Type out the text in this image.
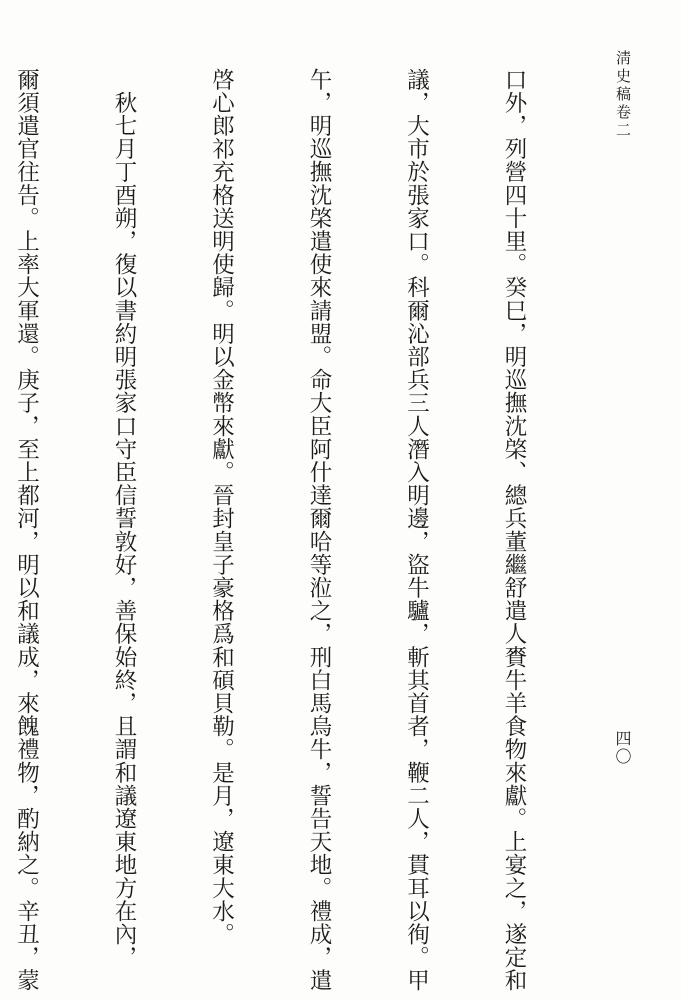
淸史稿卷二

口外，列營四十里。癸巳，明巡撫沈棨、總兵董繼舒遣人賚牛羊食物來獻。上宴之，遂定和

議，大市於張家口。科爾沁部兵三人潛入明邊，盜牛驢，斬其首者，鞭二人，貫耳以徇。甲

午，明巡撫沈棨遣使來請盟。命大臣阿什達爾哈等涖之，刑白馬烏牛，誓告天地。禮成，遣

啓心郎祁充格送明使歸。明以金幣來獻。晉封皇子豪格爲和碩貝勒。是月，遼東大水。

　秋七月丁酉朔，復以書約明張家口守臣信誓敦好，善保始終，且謂和議遼東地方在內，

爾須遣官往告。上率大軍還。庚子，至上都河，明以和議成，來餽禮物，酌納之。辛丑，蒙

	四〇
